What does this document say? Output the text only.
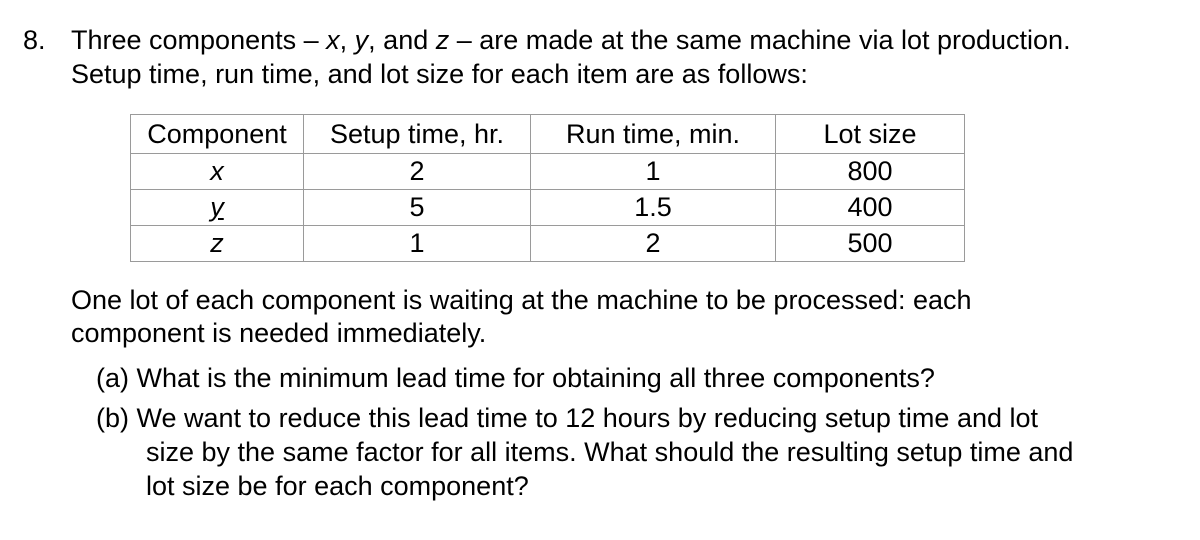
8. Three components – x, y, and z – are made at the same machine via lot production.
Setup time, run time, and lot size for each item are as follows:
Component	Setup time, hr.	Run time, min.	Lot size
x	2	1	800
y	5	1.5	400
z	1	2	500
One lot of each component is waiting at the machine to be processed: each
component is needed immediately.
(a) What is the minimum lead time for obtaining all three components?
(b) We want to reduce this lead time to 12 hours by reducing setup time and lot
size by the same factor for all items. What should the resulting setup time and
lot size be for each component?
